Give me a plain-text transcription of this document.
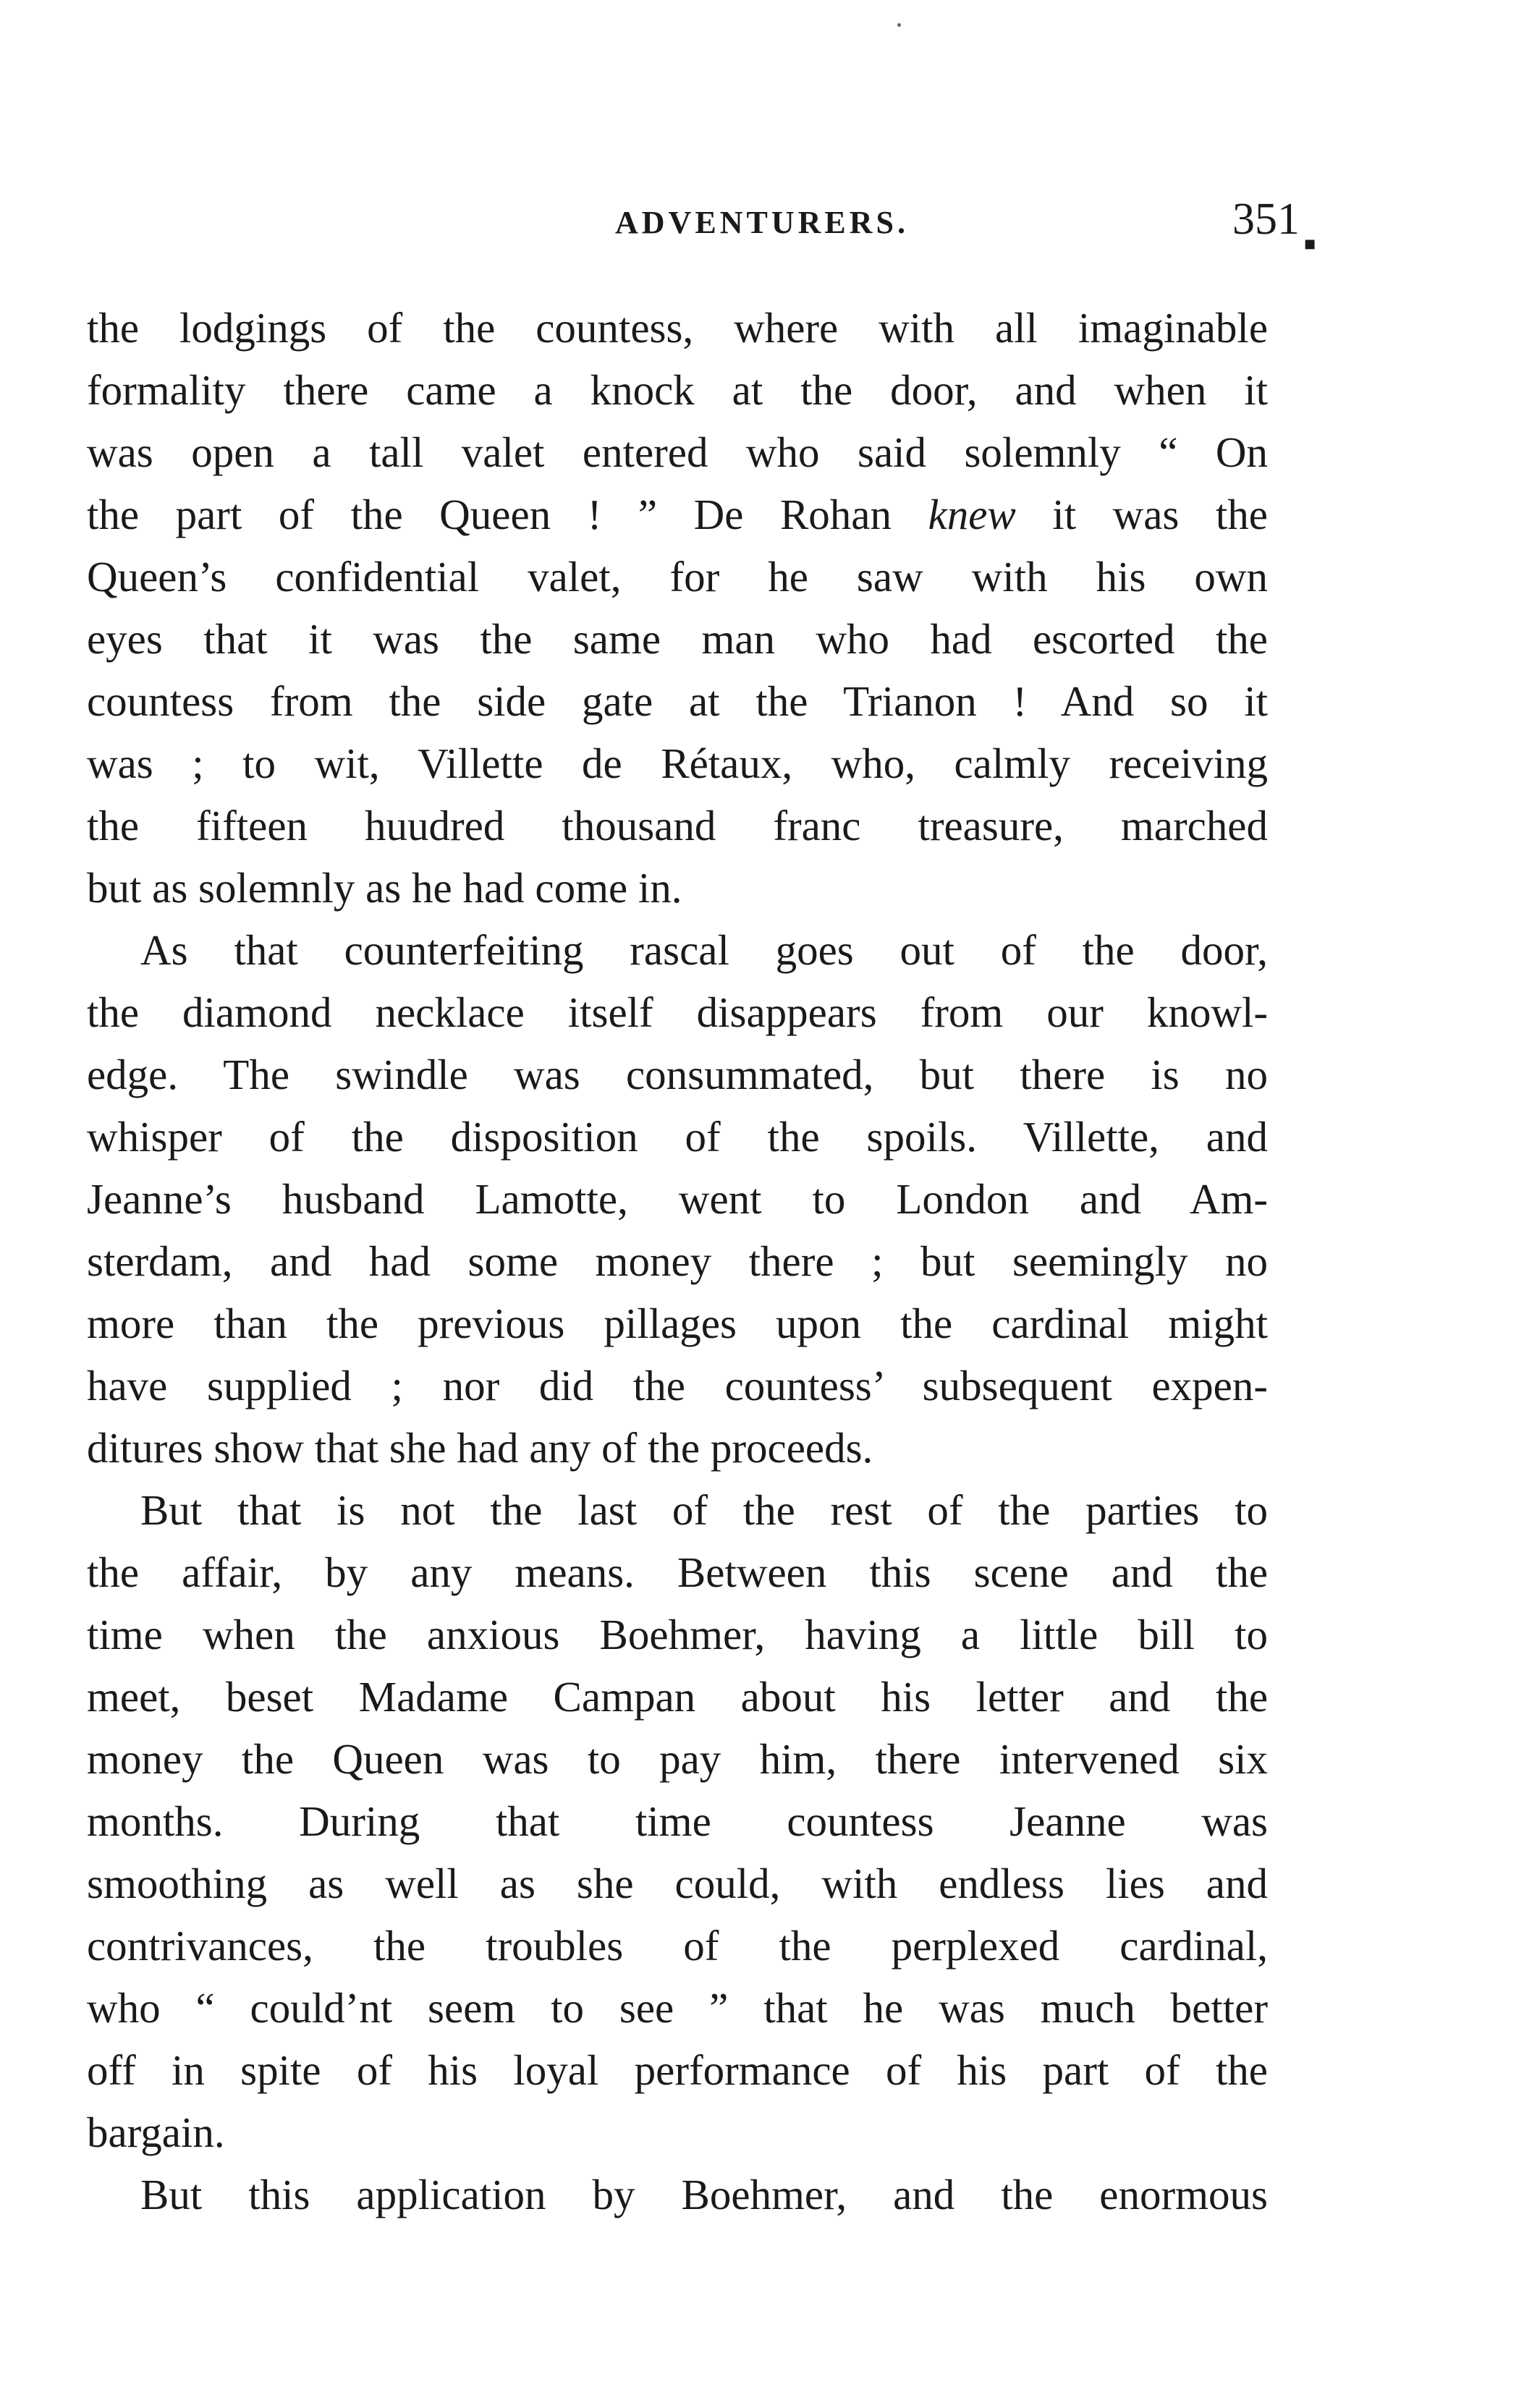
ADVENTURERS.	351
▪

the lodgings of the countess, where with all imaginable
formality there came a knock at the door, and when it
was open a tall valet entered who said solemnly “ On
the part of the Queen ! ” De Rohan knew it was the
Queen’s confidential valet, for he saw with his own
eyes that it was the same man who had escorted the
countess from the side gate at the Trianon ! And so it
was ; to wit, Villette de Rétaux, who, calmly receiving
the fifteen huudred thousand franc treasure, marched
but as solemnly as he had come in.

As that counterfeiting rascal goes out of the door,
the diamond necklace itself disappears from our knowl-
edge. The swindle was consummated, but there is no
whisper of the disposition of the spoils. Villette, and
Jeanne’s husband Lamotte, went to London and Am-
sterdam, and had some money there ; but seemingly no
more than the previous pillages upon the cardinal might
have supplied ; nor did the countess’ subsequent expen-
ditures show that she had any of the proceeds.

But that is not the last of the rest of the parties to
the affair, by any means. Between this scene and the
time when the anxious Boehmer, having a little bill to
meet, beset Madame Campan about his letter and the
money the Queen was to pay him, there intervened six
months. During that time countess Jeanne was
smoothing as well as she could, with endless lies and
contrivances, the troubles of the perplexed cardinal,
who “ could’nt seem to see ” that he was much better
off in spite of his loyal performance of his part of the
bargain.

But this application by Boehmer, and the enormous
